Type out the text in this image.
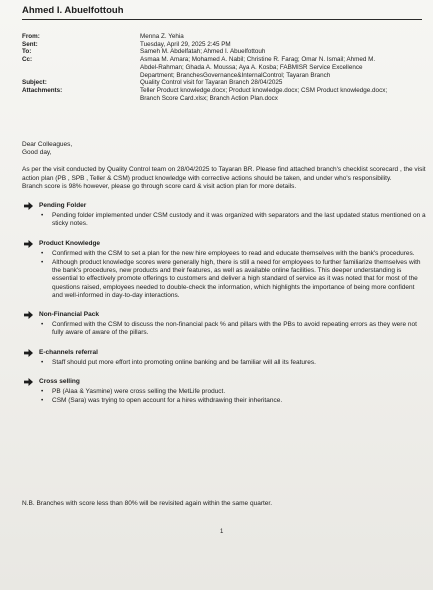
Ahmed I. Abuelfottouh
From:	Menna Z. Yehia
Sent:	Tuesday, April 29, 2025 2:45 PM
To:	Sameh M. Abdelfatah; Ahmed I. Abuelfottouh
Cc:	Asmaa M. Amara; Mohamed A. Nabil; Christine R. Farag; Omar N. Ismail; Ahmed M.
Abdel-Rahman; Ghada A. Moussa; Aya A. Kosba; FABMISR Service Excellence
Department; BranchesGovernance&InternalControl; Tayaran Branch
Subject:	Quality Control visit for Tayaran Branch 28/04/2025
Attachments:	Teller Product knowledge.docx; Product knowledge.docx; CSM Product knowledge.docx;
Branch Score Card.xlsx; Branch Action Plan.docx

Dear Colleagues,

Good day,

As per the visit conducted by Quality Control team on 28/04/2025 to Tayaran BR. Please find attached branch's checklist scorecard , the visit action plan (PB , SPB , Teller & CSM) product knowledge with corrective actions should be taken, and under who's responsibility.

Branch score is 98% however, please go through score card & visit action plan for more details.

Pending Folder
• Pending folder implemented under CSM custody and it was organized with separators and the last updated status mentioned on a sticky notes.
Product Knowledge
• Confirmed with the CSM to set a plan for the new hire employees to read and educate themselves with the bank's procedures.
• Although product knowledge scores were generally high, there is still a need for employees to further familiarize themselves with the bank's procedures, new products and their features, as well as available online facilities. This deeper understanding is essential to effectively promote offerings to customers and deliver a high standard of service as it was noted that for most of the questions raised, employees needed to double-check the information, which highlights the importance of being more confident and well-informed in day-to-day interactions.
Non-Financial Pack
• Confirmed with the CSM to discuss the non-financial pack % and pillars with the PBs to avoid repeating errors as they were not fully aware of aware of the pillars.
E-channels referral
• Staff should put more effort into promoting online banking and be familiar will all its features.
Cross selling
• PB (Alaa & Yasmine) were cross selling the MetLife product.
• CSM (Sara) was trying to open account for a hires withdrawing their inheritance.
N.B. Branches with score less than 80% will be revisited again within the same quarter.
1
